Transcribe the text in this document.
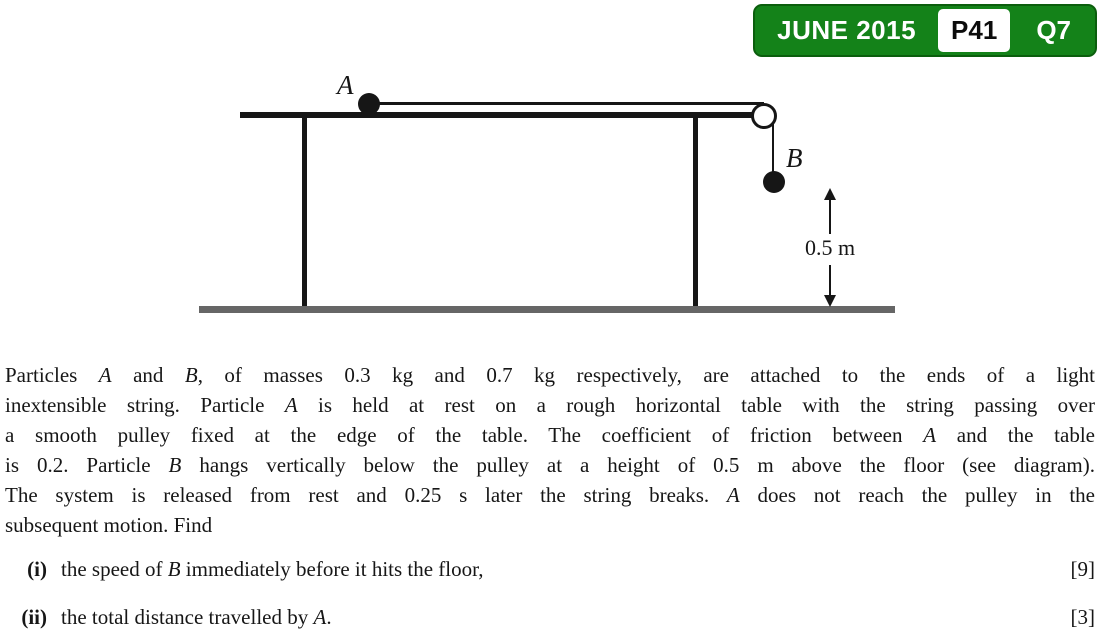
JUNE 2015	P41	Q7
A
B
0.5 m
Particles A and B, of masses 0.3 kg and 0.7 kg respectively, are attached to the ends of a light
inextensible string. Particle A is held at rest on a rough horizontal table with the string passing over
a smooth pulley fixed at the edge of the table. The coefficient of friction between A and the table
is 0.2. Particle B hangs vertically below the pulley at a height of 0.5 m above the floor (see diagram).
The system is released from rest and 0.25 s later the string breaks. A does not reach the pulley in the
subsequent motion. Find
(i) the speed of B immediately before it hits the floor,	[9]
(ii) the total distance travelled by A.	[3]
